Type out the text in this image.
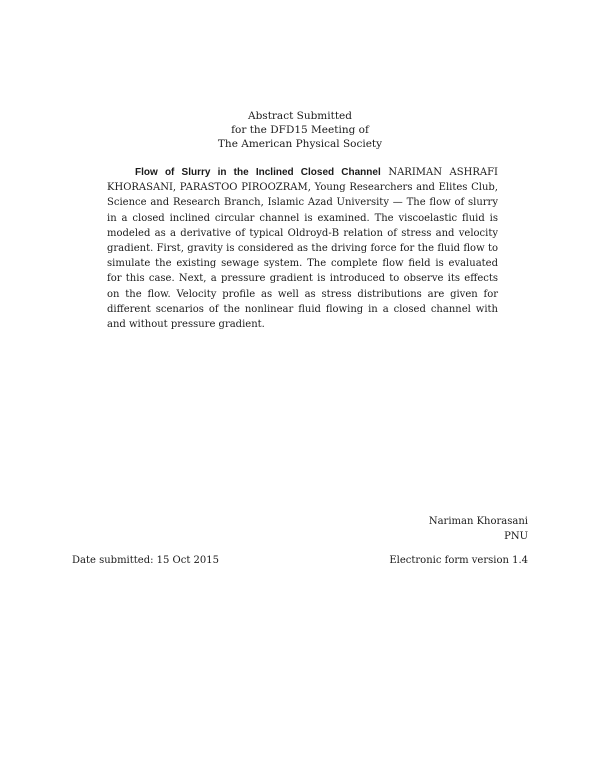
Abstract Submitted
for the DFD15 Meeting of
The American Physical Society
Flow of Slurry in the Inclined Closed Channel NARIMAN ASHRAFI KHORASANI, PARASTOO PIROOZRAM, Young Researchers and Elites Club, Science and Research Branch, Islamic Azad University — The flow of slurry in a closed inclined circular channel is examined. The viscoelastic fluid is modeled as a derivative of typical Oldroyd-B relation of stress and velocity gradient. First, gravity is considered as the driving force for the fluid flow to simulate the existing sewage system. The complete flow field is evaluated for this case. Next, a pressure gradient is introduced to observe its effects on the flow. Velocity profile as well as stress distributions are given for different scenarios of the nonlinear fluid flowing in a closed channel with and without pressure gradient.
Nariman Khorasani
PNU
Date submitted: 15 Oct 2015	Electronic form version 1.4
